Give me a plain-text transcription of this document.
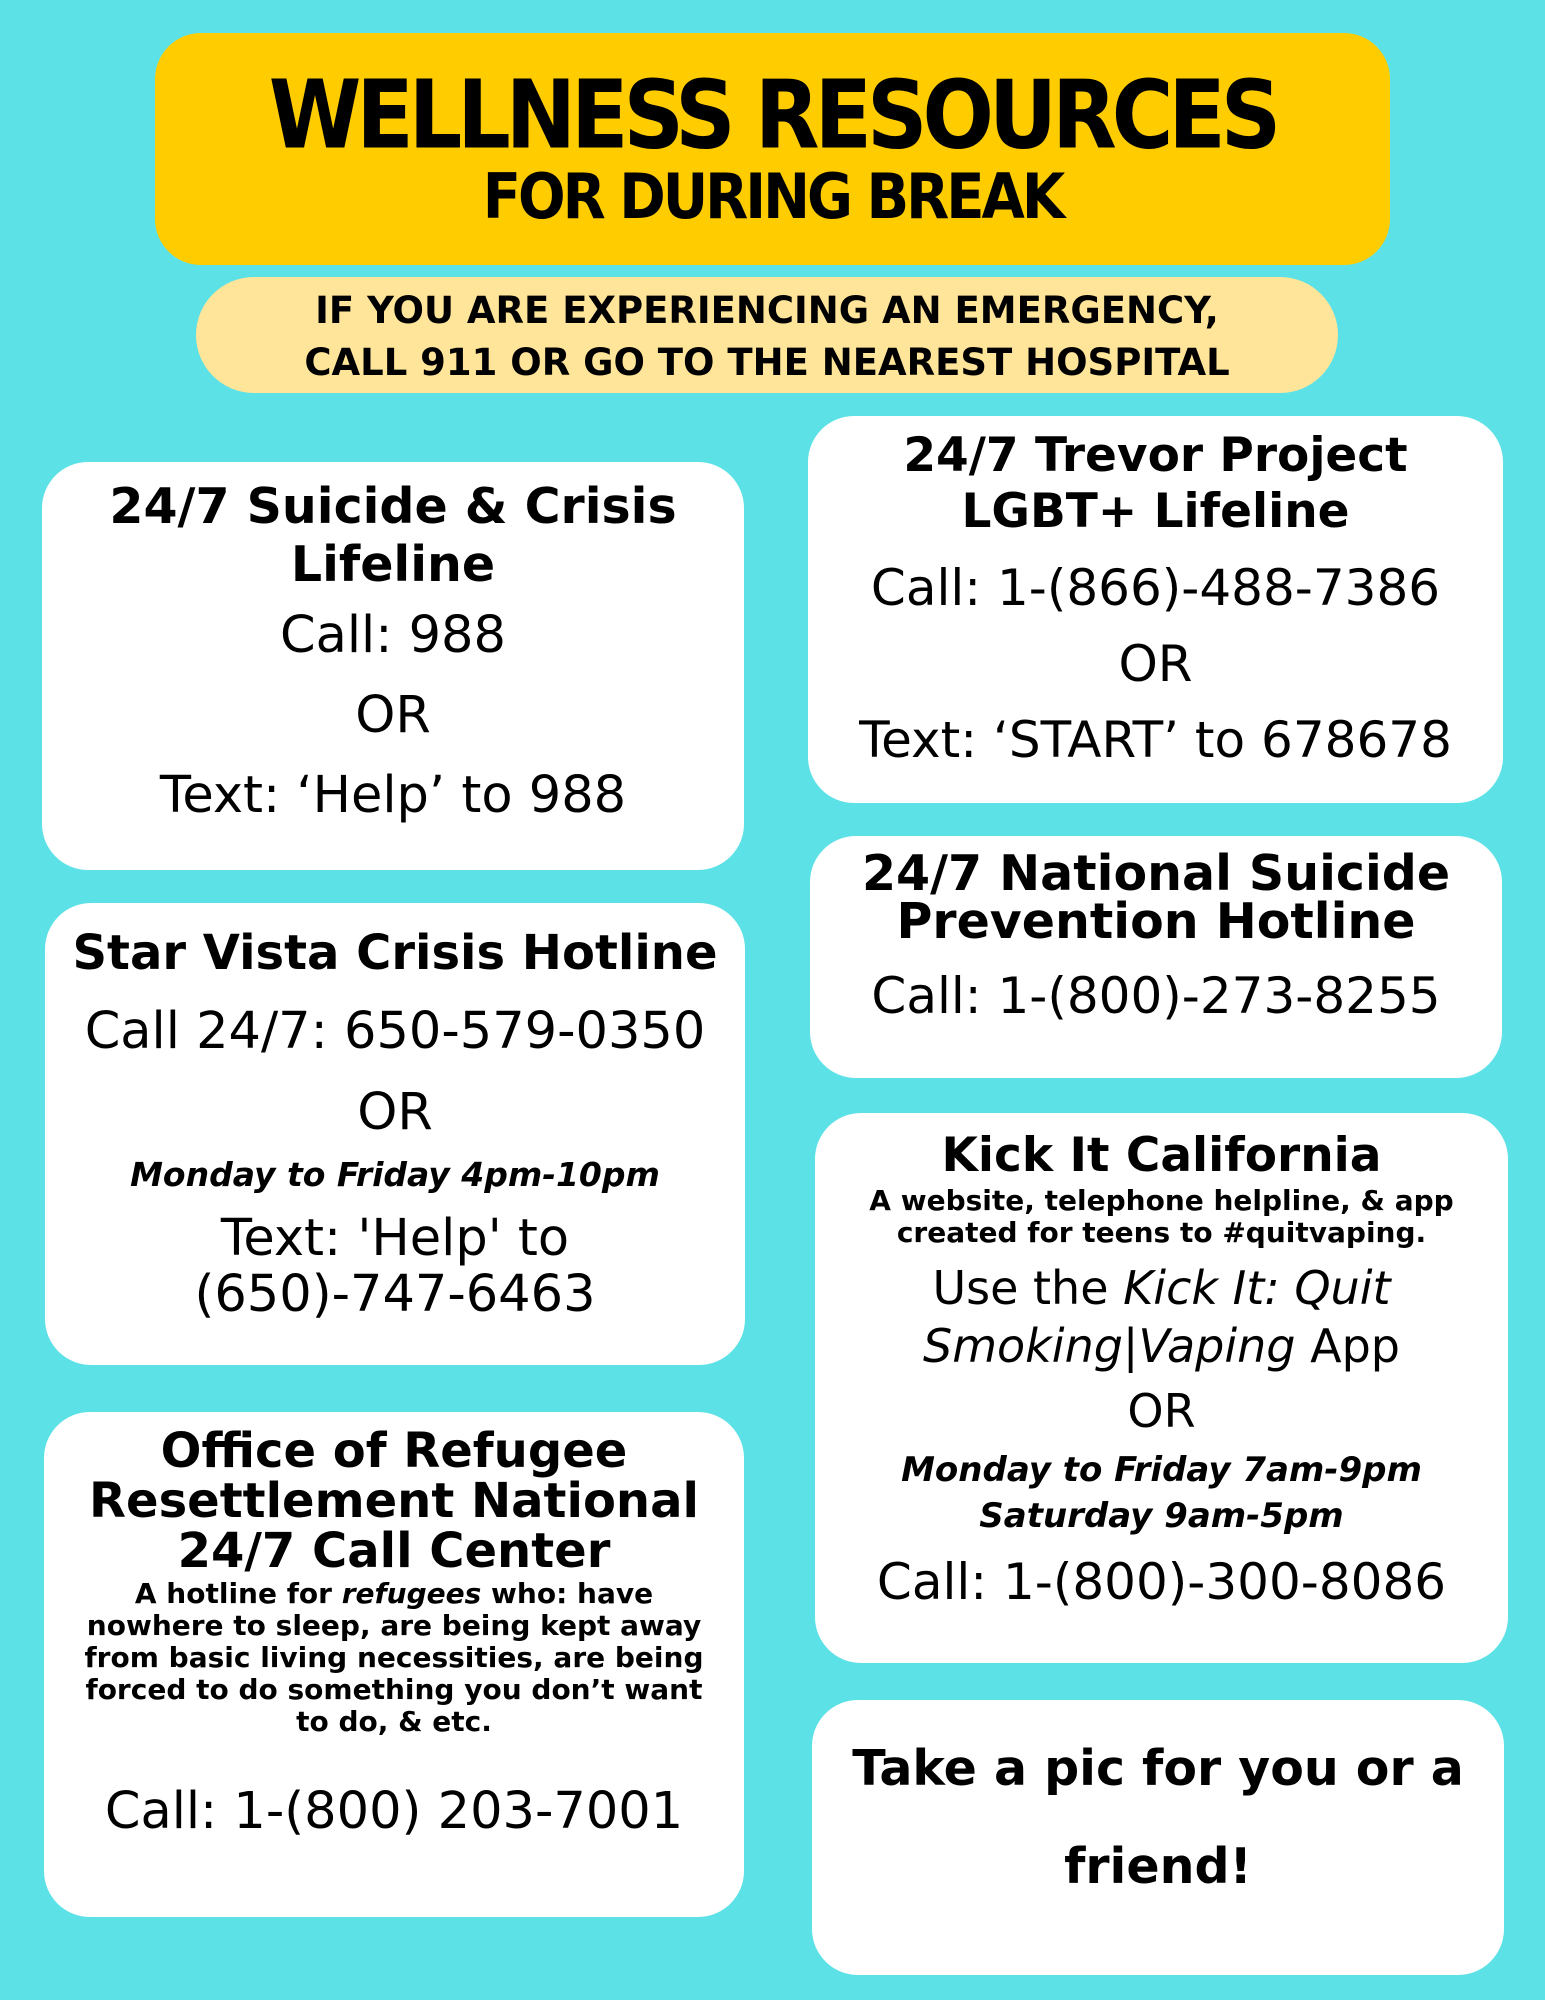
WELLNESS RESOURCES
FOR DURING BREAK
IF YOU ARE EXPERIENCING AN EMERGENCY,
CALL 911 OR GO TO THE NEAREST HOSPITAL
24/7 Suicide & Crisis
Lifeline
Call: 988
OR
Text: ‘Help’ to 988
Star Vista Crisis Hotline
Call 24/7: 650-579-0350
OR
Monday to Friday 4pm-10pm
Text: 'Help' to
(650)-747-6463
Office of Refugee
Resettlement National
24/7 Call Center
A hotline for refugees who: have
nowhere to sleep, are being kept away
from basic living necessities, are being
forced to do something you don’t want
to do, & etc.
Call: 1-(800) 203-7001
24/7 Trevor Project
LGBT+ Lifeline
Call: 1-(866)-488-7386
OR
Text: ‘START’ to 678678
24/7 National Suicide
Prevention Hotline
Call: 1-(800)-273-8255
Kick It California
A website, telephone helpline, & app
created for teens to #quitvaping.
Use the Kick It: Quit
Smoking|Vaping App
OR
Monday to Friday 7am-9pm
Saturday 9am-5pm
Call: 1-(800)-300-8086
Take a pic for you or a
friend!
